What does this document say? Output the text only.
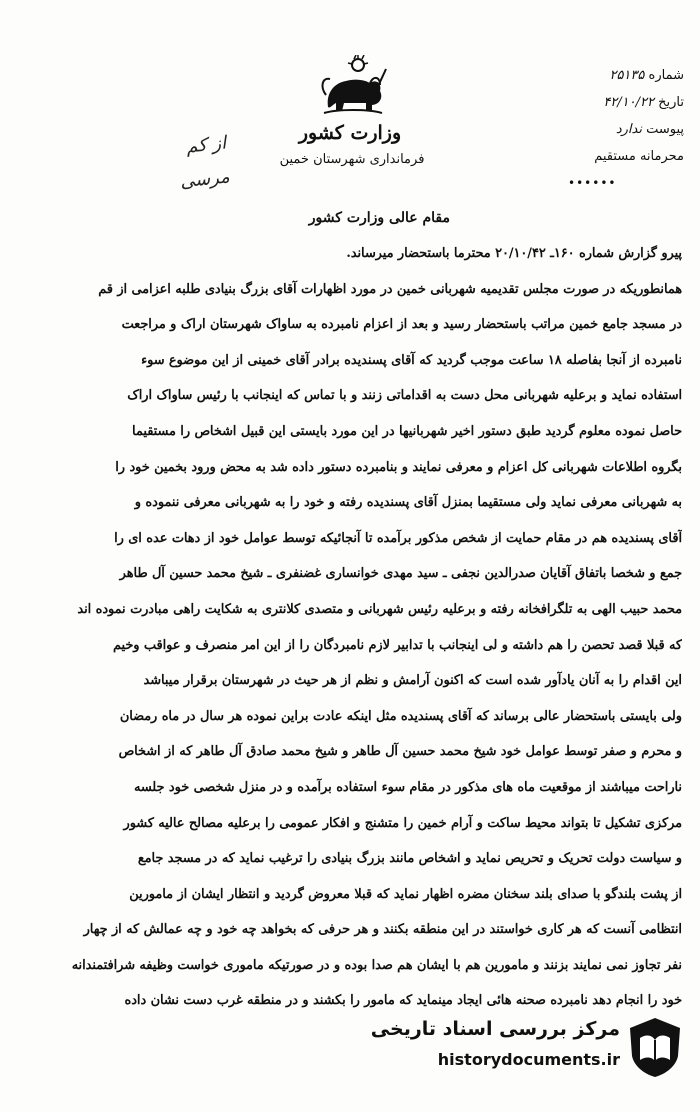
وزارت کشور
فرمانداری شهرستان خمین
شماره ۲۵۱۳۵
تاریخ ۴۲/۱۰/۲۲
پیوست ندارد
محرمانه مستقیم
••••••
از کم
مرسی
مقام عالی وزارت کشور
پیرو گزارش شماره ۱۶۰ـ ۲۰/۱۰/۴۲ محترما باستحضار میرساند.
همانطوریکه در صورت مجلس تقدیمیه شهربانی خمین در مورد اظهارات آقای بزرگ بنیادی طلبه اعزامی از قم
در مسجد جامع خمین مراتب باستحضار رسید و بعد از اعزام نامبرده به ساواک شهرستان اراک و مراجعت
نامبرده از آنجا بفاصله ۱۸ ساعت موجب گردید که آقای پسندیده برادر آقای خمینی از این موضوع سوء
استفاده نماید و برعلیه شهربانی محل دست به اقداماتی زنند و با تماس که اینجانب با رئیس ساواک اراک
حاصل نموده معلوم گردید طبق دستور اخیر شهربانیها در این مورد بایستی این قبیل اشخاص را مستقیما
بگروه اطلاعات شهربانی کل اعزام و معرفی نمایند و بنامبرده دستور داده شد به محض ورود بخمین خود را
به شهربانی معرفی نماید ولی مستقیما بمنزل آقای پسندیده رفته و خود را به شهربانی معرفی ننموده و
آقای پسندیده هم در مقام حمایت از شخص مذکور برآمده تا آنجائیکه توسط عوامل خود از دهات عده ای را
جمع و شخصا باتفاق آقایان صدرالدین نجفی ـ سید مهدی خوانساری غضنفری ـ شیخ محمد حسین آل طاهر
محمد حبیب الهی به تلگرافخانه رفته و برعلیه رئیس شهربانی و متصدی کلانتری به شکایت راهی مبادرت نموده اند
که قبلا قصد تحصن را هم داشته و لی اینجانب با تدابیر لازم نامبردگان را از این امر منصرف و عواقب وخیم
این اقدام را به آنان یادآور شده است که اکنون آرامش و نظم از هر حیث در شهرستان برقرار میباشد
ولی بایستی باستحضار عالی برساند که آقای پسندیده مثل اینکه عادت براین نموده هر سال در ماه رمضان
و محرم و صفر توسط عوامل خود شیخ محمد حسین آل طاهر و شیخ محمد صادق آل طاهر که از اشخاص
ناراحت میباشند از موقعیت ماه های مذکور در مقام سوء استفاده برآمده و در منزل شخصی خود جلسه
مرکزی تشکیل تا بتواند محیط ساکت و آرام خمین را متشنج و افکار عمومی را برعلیه مصالح عالیه کشور
و سیاست دولت تحریک و تحریص نماید و اشخاص مانند بزرگ بنیادی را ترغیب نماید که در مسجد جامع
از پشت بلندگو با صدای بلند سخنان مضره اظهار نماید که قبلا معروض گردید و انتظار ایشان از مامورین
انتظامی آنست که هر کاری خواستند در این منطقه بکنند و هر حرفی که بخواهد چه خود و چه عمالش که از چهار
نفر تجاوز نمی نمایند بزنند و مامورین هم با ایشان هم صدا بوده و در صورتیکه ماموری خواست وظیفه شرافتمندانه
خود را انجام دهد نامبرده صحنه هائی ایجاد مینماید که مامور را بکشند و در منطقه غرب دست نشان داده
مرکز بررسی اسناد تاریخی
historydocuments.ir
